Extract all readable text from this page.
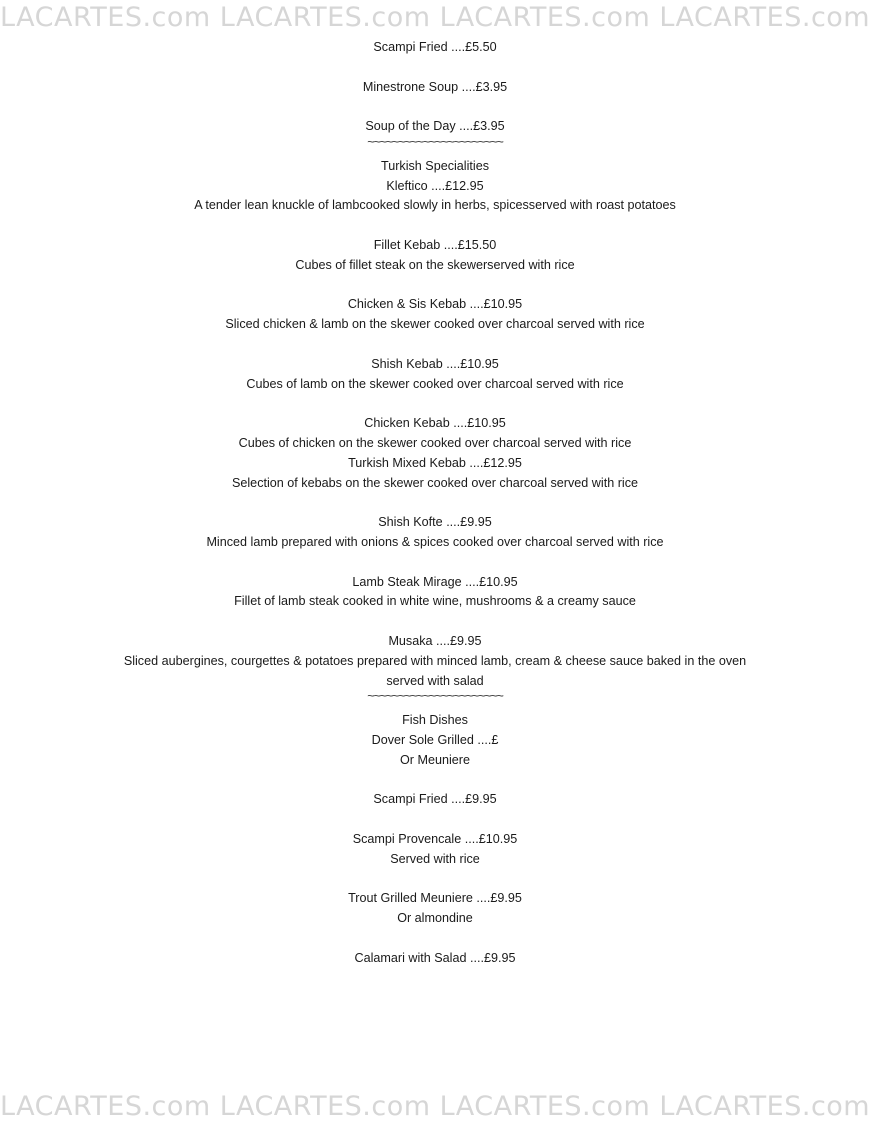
LACARTES.com LACARTES.com LACARTES.com LACARTES.com
Scampi Fried ....£5.50
Minestrone Soup ....£3.95
Soup of the Day ....£3.95
~~~~~~~~~~~~~~~~~~~~~~
Turkish Specialities
Kleftico ....£12.95
A tender lean knuckle of lambcooked slowly in herbs, spicesserved with roast potatoes
Fillet Kebab ....£15.50
Cubes of fillet steak on the skewerserved with rice
Chicken & Sis Kebab ....£10.95
Sliced chicken & lamb on the skewer cooked over charcoal served with rice
Shish Kebab ....£10.95
Cubes of lamb on the skewer cooked over charcoal served with rice
Chicken Kebab ....£10.95
Cubes of chicken on the skewer cooked over charcoal served with rice
Turkish Mixed Kebab ....£12.95
Selection of kebabs on the skewer cooked over charcoal served with rice
Shish Kofte ....£9.95
Minced lamb prepared with onions & spices cooked over charcoal served with rice
Lamb Steak Mirage ....£10.95
Fillet of lamb steak cooked in white wine, mushrooms & a creamy sauce
Musaka ....£9.95
Sliced aubergines, courgettes & potatoes prepared with minced lamb, cream & cheese sauce baked in the oven
served with salad
~~~~~~~~~~~~~~~~~~~~~~
Fish Dishes
Dover Sole Grilled ....£
Or Meuniere
Scampi Fried ....£9.95
Scampi Provencale ....£10.95
Served with rice
Trout Grilled Meuniere ....£9.95
Or almondine
Calamari with Salad ....£9.95
LACARTES.com LACARTES.com LACARTES.com LACARTES.com
